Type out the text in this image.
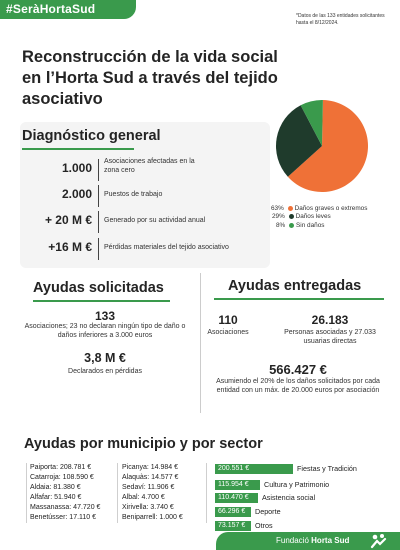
#SeràHortaSud	*Datos de las 133 entidades solicitantes hasta el 8/12/2024.
Reconstrucción de la vida social en l’Horta Sud a través del tejido asociativo
Diagnóstico general
1.000 Asociaciones afectadas en la zona cero
2.000 Puestos de trabajo
+ 20 M € Generado por su actividad anual
+16 M € Pérdidas materiales del tejido asociativo
63% Daños graves o extremos
29% Daños leves
8% Sin daños
Ayudas solicitadas
133
Asociaciones; 23 no declaran ningún tipo de daño o daños inferiores a 3.000 euros
3,8 M €
Declarados en pérdidas
Ayudas entregadas
110
Asociaciones
26.183
Personas asociadas y 27.033 usuarias directas
566.427 €
Asumiendo el 20% de los daños solicitados por cada entidad con un máx. de 20.000 euros por asociación
Ayudas por municipio y por sector
Paiporta: 208.781 €
Catarroja: 108.590 €
Aldaia: 81.380 €
Alfafar: 51.940 €
Massanassa: 47.720 €
Benetússer: 17.110 €
Picanya: 14.984 €
Alaquàs: 14.577 €
Sedaví: 11.906 €
Albal: 4.700 €
Xirivella: 3.740 €
Beniparrell: 1.000 €
200.551 €	Fiestas y Tradición
115.954 €	Cultura y Patrimonio
110.470 €	Asistencia social
66.296 €	Deporte
73.157 €	Otros
Fundació Horta Sud
